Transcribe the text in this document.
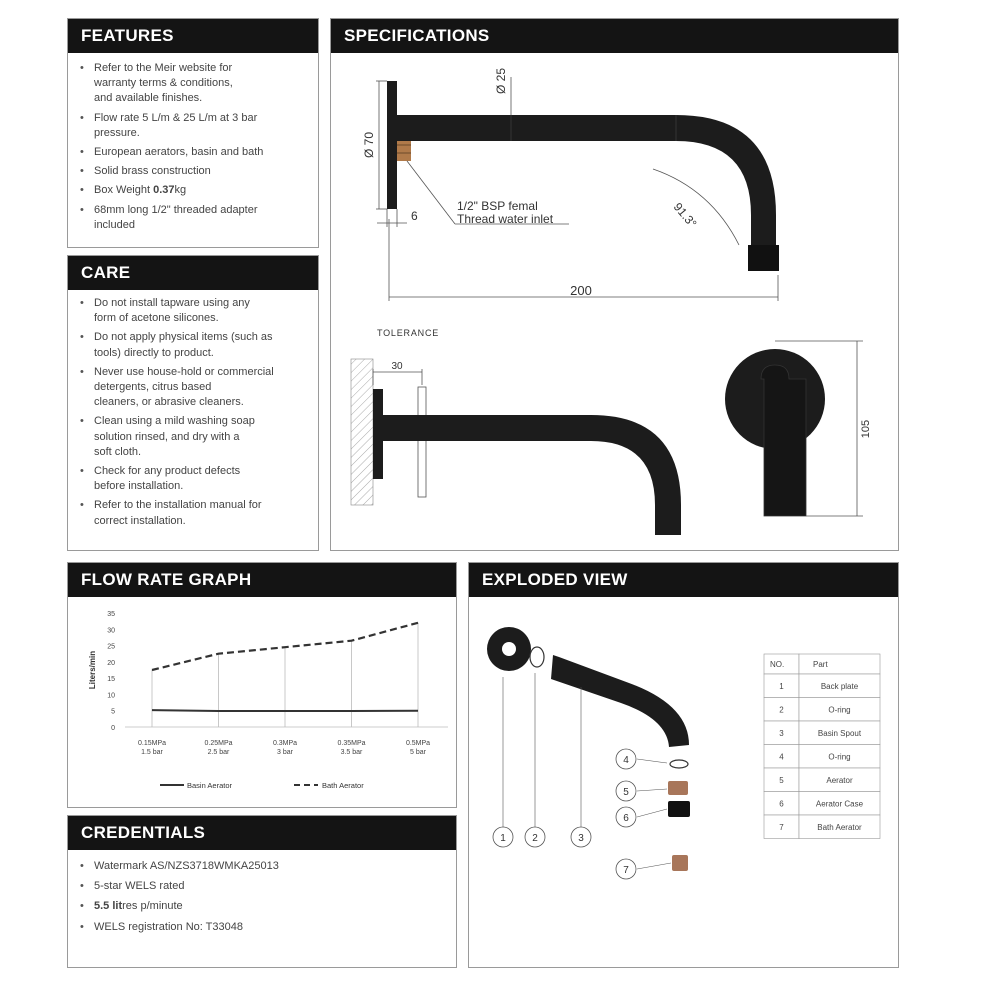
FEATURES
• Refer to the Meir website for
warranty terms & conditions,
and available finishes.
• Flow rate 5 L/m & 25 L/m at 3 bar
pressure.
• European aerators, basin and bath
• Solid brass construction
• Box Weight 0.37kg
• 68mm long 1/2" threaded adapter
included
CARE
• Do not install tapware using any
form of acetone silicones.
• Do not apply physical items (such as
tools) directly to product.
• Never use house-hold or commercial
detergents, citrus based
cleaners, or abrasive cleaners.
• Clean using a mild washing soap
solution rinsed, and dry with a
soft cloth.
• Check for any product defects
before installation.
• Refer to the installation manual for
correct installation.
SPECIFICATIONS
Ø 70
Ø 25
6
1/2" BSP femal
Thread water inlet	91.3°
200
TOLERANCE
30
105
FLOW RATE GRAPH
0
5
10
15
20
25
30
35
Liters/min
0.15MPa
1.5 bar
0.25MPa
2.5 bar
0.3MPa
3 bar
0.35MPa
3.5 bar
0.5MPa
5 bar
Basin Aerator	Bath Aerator
CREDENTIALS
• Watermark AS/NZS3718WMKA25013
• 5-star WELS rated
• 5.5 litres p/minute
• WELS registration No: T33048
EXPLODED VIEW
1	2	3
4
5
6
7
NO.	Part
1	Back plate
2	O-ring
3	Basin Spout
4	O-ring
5	Aerator
6	Aerator Case
7	Bath Aerator
